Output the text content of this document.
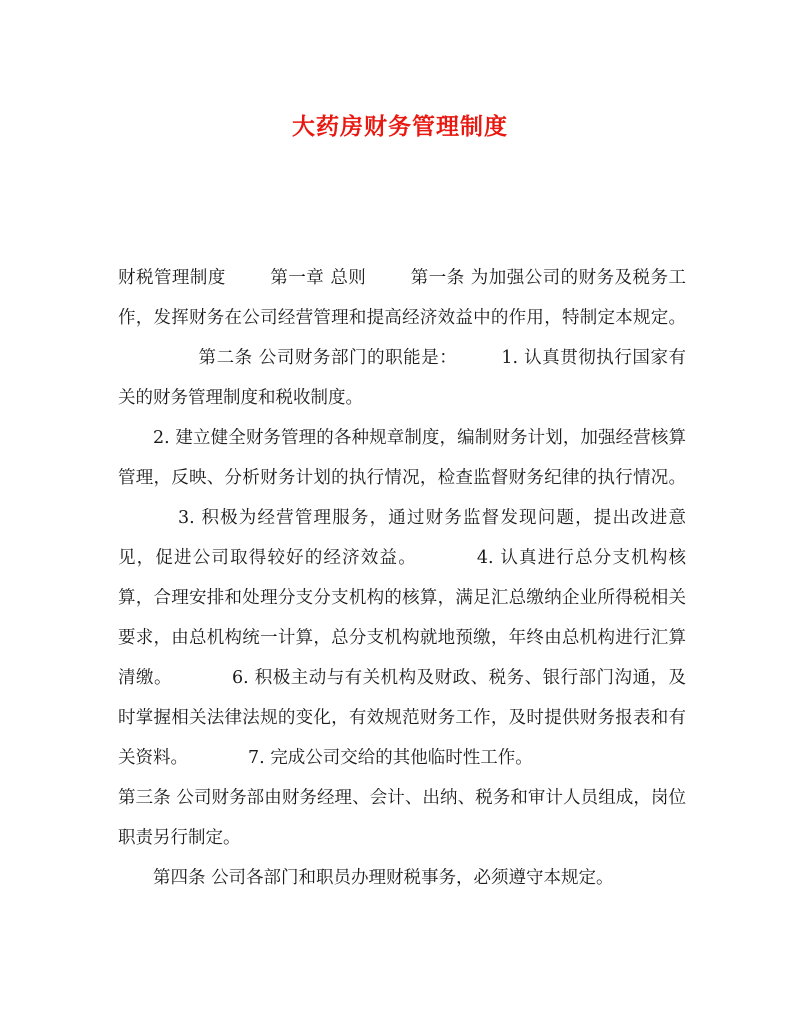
大药房财务管理制度

财税管理制度	第一章 总则	第一条 为加强公司的财务及税务工作，发挥财务在公司经营管理和提高经济效益中的作用，特制定本规定。第二条 公司财务部门的职能是：	1. 认真贯彻执行国家有关的财务管理制度和税收制度。

2. 建立健全财务管理的各种规章制度，编制财务计划，加强经营核算管理，反映、分析财务计划的执行情况，检查监督财务纪律的执行情况。3. 积极为经营管理服务，通过财务监督发现问题，提出改进意见，促进公司取得较好的经济效益。	4. 认真进行总分支机构核算，合理安排和处理分支分支机构的核算，满足汇总缴纳企业所得税相关要求，由总机构统一计算，总分支机构就地预缴，年终由总机构进行汇算清缴。	6. 积极主动与有关机构及财政、税务、银行部门沟通，及时掌握相关法律法规的变化，有效规范财务工作，及时提供财务报表和有关资料。	7. 完成公司交给的其他临时性工作。

第三条 公司财务部由财务经理、会计、出纳、税务和审计人员组成，岗位职责另行制定。

第四条 公司各部门和职员办理财税事务，必须遵守本规定。
